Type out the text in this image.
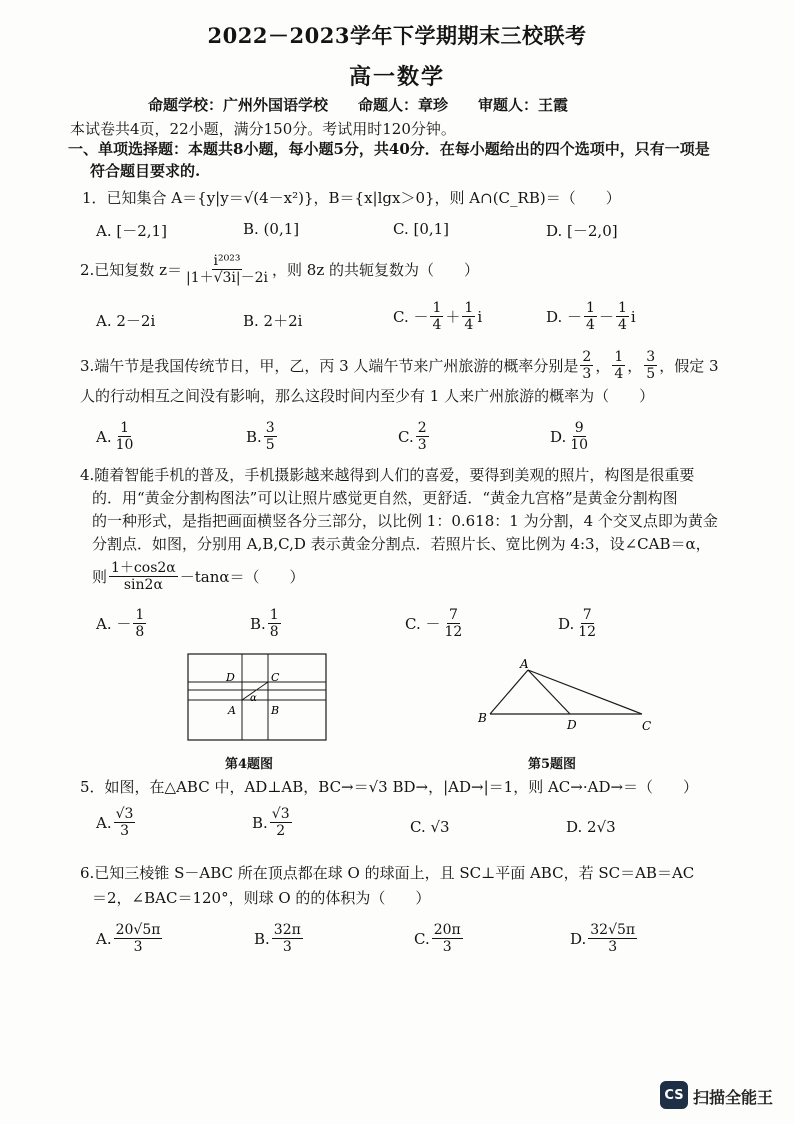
2022－2023学年下学期期末三校联考
高一数学
命题学校：广州外国语学校　　命题人：章珍　　审题人：王霞
本试卷共4页，22小题，满分150分。考试用时120分钟。
一、单项选择题：本题共8小题，每小题5分，共40分．在每小题给出的四个选项中，只有一项是
符合题目要求的.
1．已知集合 A＝{y|y＝√(4－x²)}，B＝{x|lgx＞0}，则 A∩(C_RB)＝（　　）
A. [－2,1]	B. (0,1]	C. [0,1]	D. [－2,0]
2.已知复数 $z= \frac{\text{i²⁰²³}}{|1+√3i|-2i}$ ，则 8z 的共轭复数为（　　）
A. 2－2i	B. 2＋2i	C. － $\frac{1}{4} + \frac{1}{4}$ i	D. － $\frac{1}{4} - \frac{1}{4}$ i
3.端午节是我国传统节日，甲，乙，丙 3 人端午节来广州旅游的概率分别是 $\frac{2}{3}$ ， $\frac{1}{4}$ ， $\frac{3}{5}$ ，假定 3
人的行动相互之间没有影响，那么这段时间内至少有 1 人来广州旅游的概率为（　　）
A. $\frac{1}{10}$	B. $\frac{3}{5}$	C. $\frac{2}{3}$	D. $\frac{9}{10}$
4.随着智能手机的普及，手机摄影越来越得到人们的喜爱，要得到美观的照片，构图是很重要
的．用“黄金分割构图法”可以让照片感觉更自然，更舒适．“黄金九宫格”是黄金分割构图
的一种形式，是指把画面横竖各分三部分，以比例 1：0.618：1 为分割，4 个交叉点即为黄金
分割点．如图，分别用 A,B,C,D 表示黄金分割点．若照片长、宽比例为 4:3，设∠CAB＝α，
则 $\frac{1+\cos 2\alpha}{\sin 2\alpha} -\tan\alpha=$（　　）
A. － $\frac{1}{8}$	B. $\frac{1}{8}$	C. － $\frac{7}{12}$	D. $\frac{7}{12}$
D	C
α
A	B
第4题图
A
B	D	C
第5题图
5．如图，在△ABC 中，AD⊥AB，BC→＝√3 BD→，|AD→|＝1，则 AC→·AD→＝（　　）
A. $\frac{√3}{3}$	B. $\frac{√3}{2}$	C. √3	D. 2√3
6.已知三棱锥 S－ABC 所在顶点都在球 O 的球面上，且 SC⊥平面 ABC，若 SC＝AB＝AC
＝2，∠BAC＝120°，则球 O 的的体积为（　　）
A. $\frac{20√5\pi}{3}$	B. $\frac{32\pi}{3}$	C. $\frac{20\pi}{3}$	D. $\frac{32√5\pi}{3}$
CS 扫描全能王
